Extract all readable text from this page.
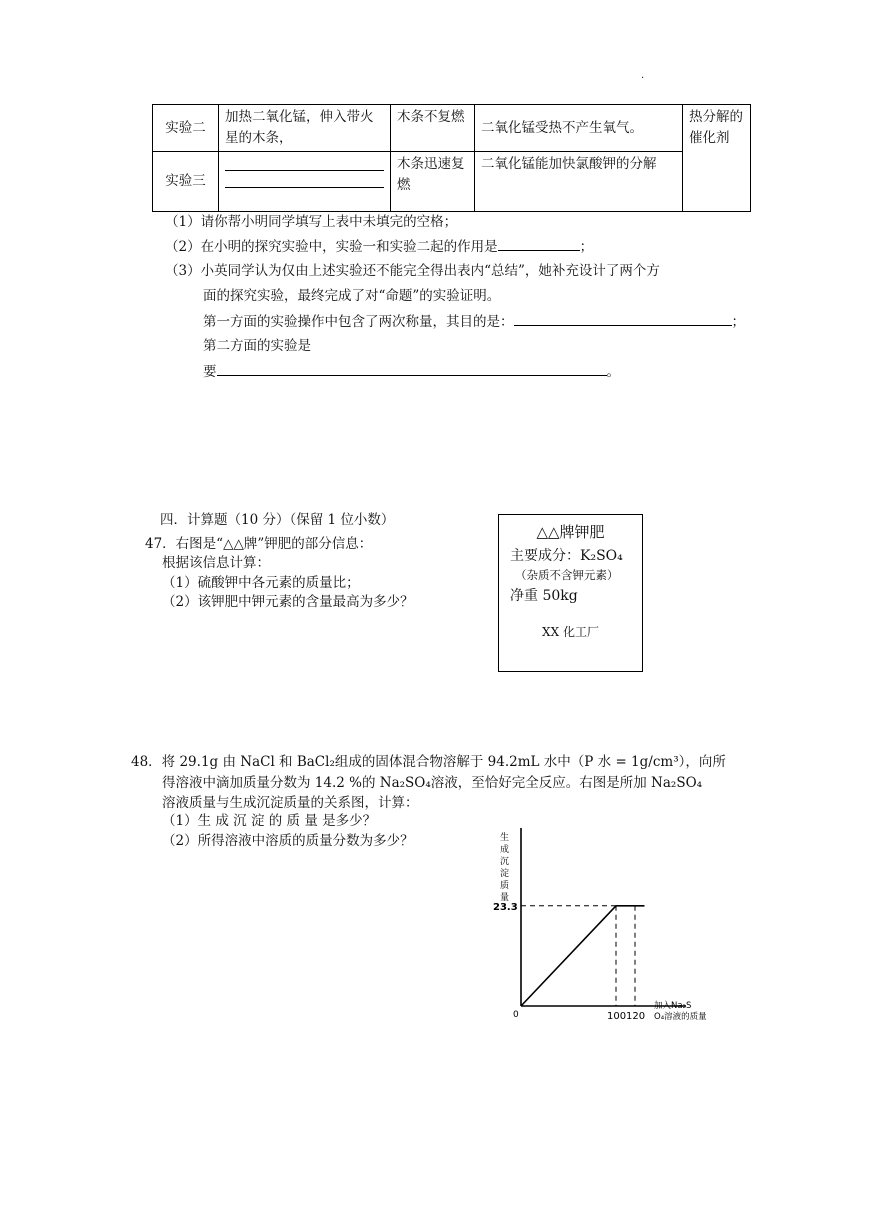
.
实验二	加热二氧化锰，伸入带火星的木条，	木条不复燃	二氧化锰受热不产生氧气。	热分解的催化剂
实验三		木条迅速复 燃	二氧化锰能加快氯酸钾的分解	
（1）请你帮小明同学填写上表中未填完的空格；
（2）在小明的探究实验中，实验一和实验二起的作用是	；
（3）小英同学认为仅由上述实验还不能完全得出表内“总结”，她补充设计了两个方
面的探究实验，最终完成了对“命题”的实验证明。
第一方面的实验操作中包含了两次称量，其目的是：	；
第二方面的实验是
要	。
四．计算题（10 分）（保留 1 位小数）
47．右图是“△△牌”钾肥的部分信息：
根据该信息计算：
（1）硫酸钾中各元素的质量比；
（2）该钾肥中钾元素的含量最高为多少？
△△牌钾肥
主要成分：K₂SO₄
（杂质不含钾元素）
净重 50kg
XX 化工厂
48．将 29.1g 由 NaCl 和 BaCl₂组成的固体混合物溶解于 94.2mL 水中（P 水 = 1g/cm³），向所
得溶液中滴加质量分数为 14.2 %的 Na₂SO₄溶液，至恰好完全反应。右图是所加 Na₂SO₄
溶液质量与生成沉淀质量的关系图，计算：
（1）生 成 沉 淀 的 质 量 是多少？
（2）所得溶液中溶质的质量分数为多少？	生成沉淀质量
0
23.3
100 120
加入Na₂S O₄溶液的质量
